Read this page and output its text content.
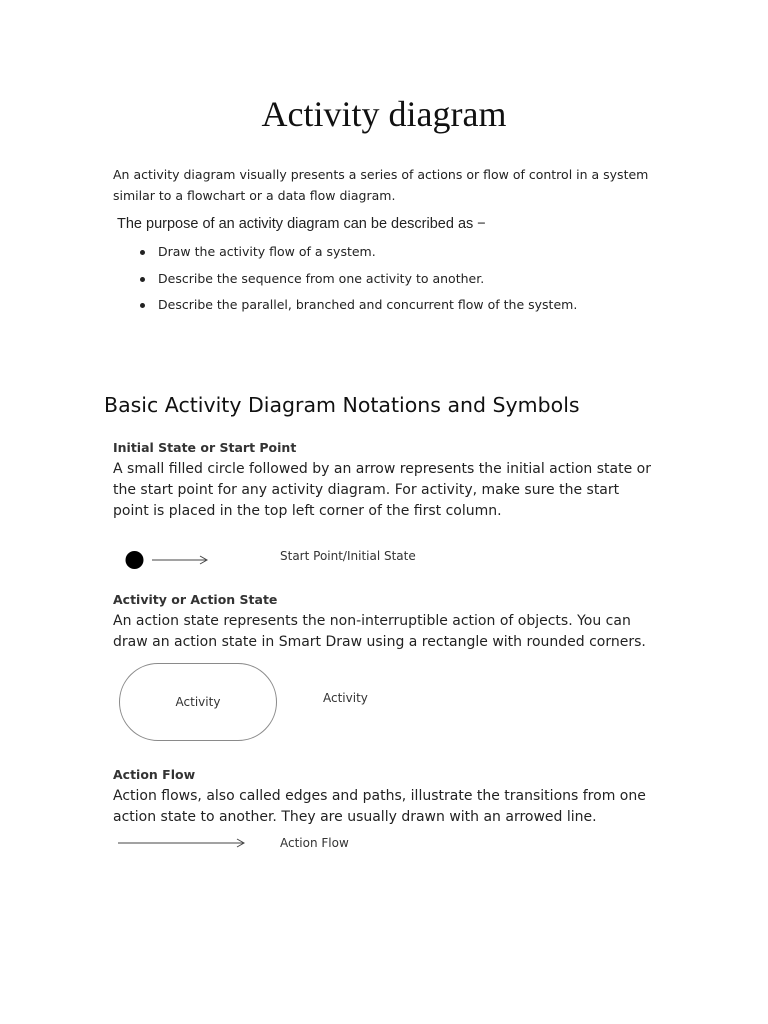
Activity diagram
An activity diagram visually presents a series of actions or flow of control in a system similar to a flowchart or a data flow diagram.
The purpose of an activity diagram can be described as −
Draw the activity flow of a system.
Describe the sequence from one activity to another.
Describe the parallel, branched and concurrent flow of the system.
Basic Activity Diagram Notations and Symbols
Initial State or Start Point
A small filled circle followed by an arrow represents the initial action state or the start point for any activity diagram. For activity, make sure the start point is placed in the top left corner of the first column.
Start Point/Initial State
Activity or Action State
An action state represents the non-interruptible action of objects. You can draw an action state in Smart Draw using a rectangle with rounded corners.
Activity	Activity
Action Flow
Action flows, also called edges and paths, illustrate the transitions from one action state to another. They are usually drawn with an arrowed line.
Action Flow
